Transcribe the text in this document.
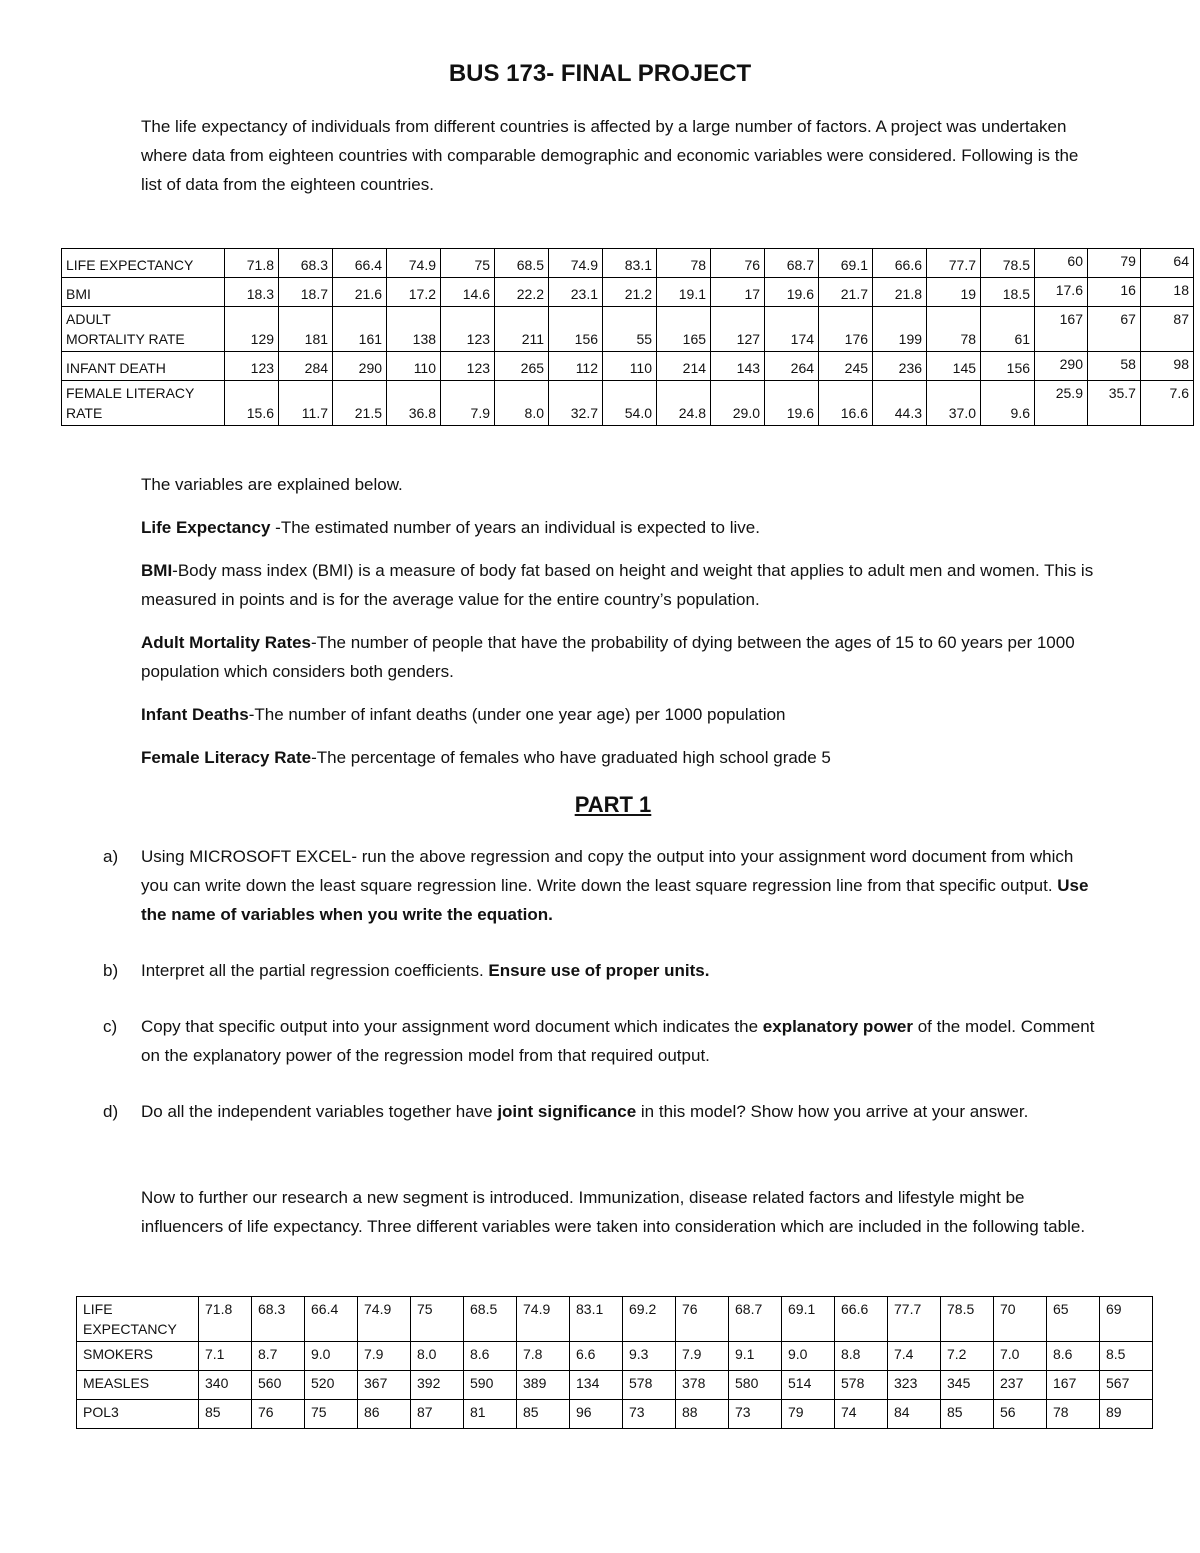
BUS 173- FINAL PROJECT

The life expectancy of individuals from different countries is affected by a large number of factors. A project was undertaken where data from eighteen countries with comparable demographic and economic variables were considered. Following is the list of data from the eighteen countries.

LIFE EXPECTANCY	71.8	68.3	66.4	74.9	75	68.5	74.9	83.1	78	76	68.7	69.1	66.6	77.7	78.5	60	79	64
BMI	18.3	18.7	21.6	17.2	14.6	22.2	23.1	21.2	19.1	17	19.6	21.7	21.8	19	18.5	17.6	16	18
ADULT
MORTALITY RATE	129	181	161	138	123	211	156	55	165	127	174	176	199	78	61	167	67	87
INFANT DEATH	123	284	290	110	123	265	112	110	214	143	264	245	236	145	156	290	58	98
FEMALE LITERACY
RATE	15.6	11.7	21.5	36.8	7.9	8.0	32.7	54.0	24.8	29.0	19.6	16.6	44.3	37.0	9.6	25.9	35.7	7.6

The variables are explained below.

Life Expectancy -The estimated number of years an individual is expected to live.

BMI-Body mass index (BMI) is a measure of body fat based on height and weight that applies to adult men and women. This is measured in points and is for the average value for the entire country’s population.

Adult Mortality Rates-The number of people that have the probability of dying between the ages of 15 to 60 years per 1000 population which considers both genders.

Infant Deaths-The number of infant deaths (under one year age) per 1000 population

Female Literacy Rate-The percentage of females who have graduated high school grade 5

PART 1

a) Using MICROSOFT EXCEL- run the above regression and copy the output into your assignment word document from which you can write down the least square regression line. Write down the least square regression line from that specific output. Use the name of variables when you write the equation.

b) Interpret all the partial regression coefficients. Ensure use of proper units.

c) Copy that specific output into your assignment word document which indicates the explanatory power of the model. Comment on the explanatory power of the regression model from that required output.

d) Do all the independent variables together have joint significance in this model? Show how you arrive at your answer.

Now to further our research a new segment is introduced. Immunization, disease related factors and lifestyle might be influencers of life expectancy. Three different variables were taken into consideration which are included in the following table.

LIFE
EXPECTANCY	71.8	68.3	66.4	74.9	75	68.5	74.9	83.1	69.2	76	68.7	69.1	66.6	77.7	78.5	70	65	69
SMOKERS	7.1	8.7	9.0	7.9	8.0	8.6	7.8	6.6	9.3	7.9	9.1	9.0	8.8	7.4	7.2	7.0	8.6	8.5
MEASLES	340	560	520	367	392	590	389	134	578	378	580	514	578	323	345	237	167	567
POL3	85	76	75	86	87	81	85	96	73	88	73	79	74	84	85	56	78	89
